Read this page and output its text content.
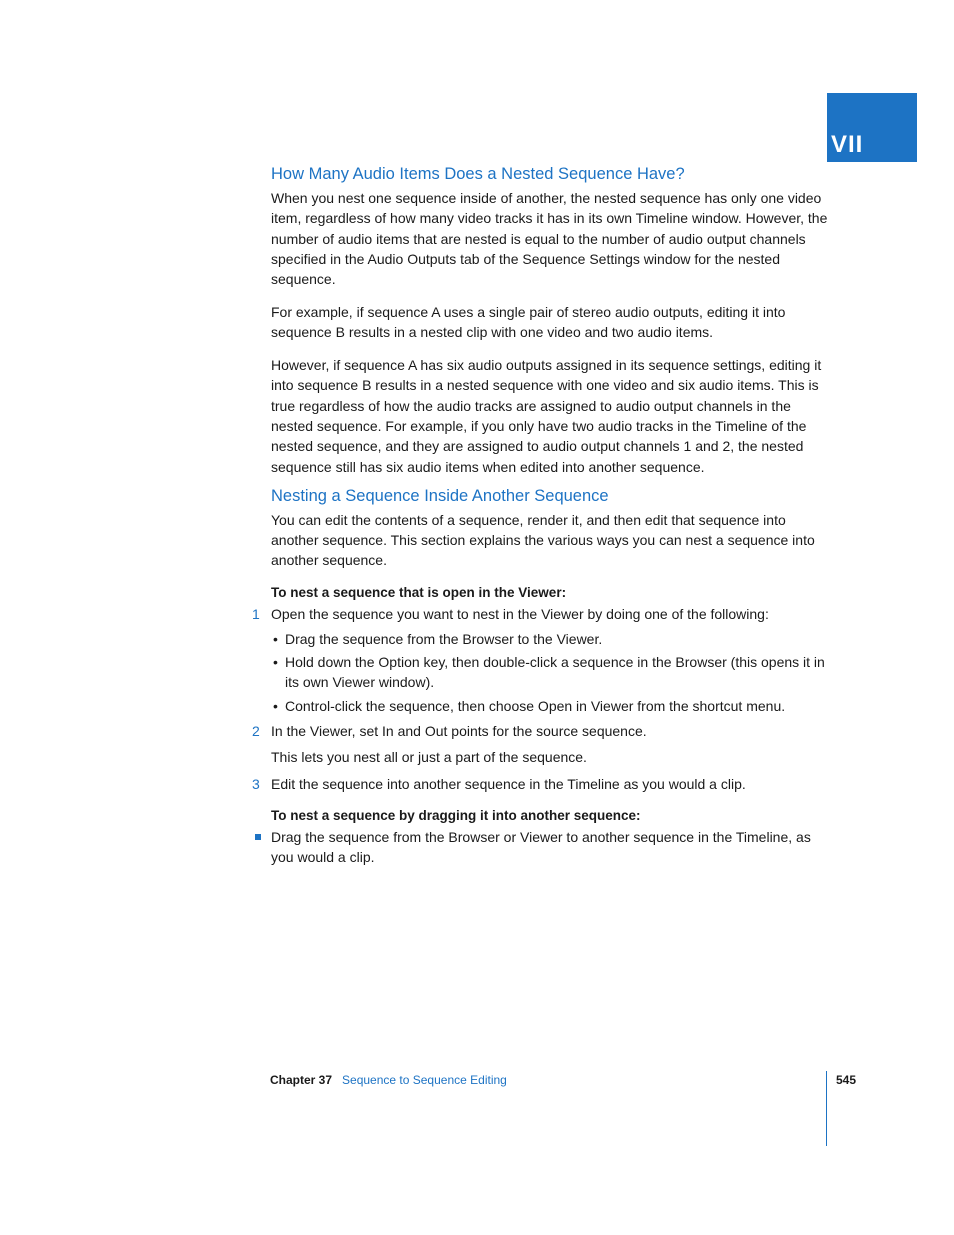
VII
How Many Audio Items Does a Nested Sequence Have?

When you nest one sequence inside of another, the nested sequence has only one video item, regardless of how many video tracks it has in its own Timeline window. However, the number of audio items that are nested is equal to the number of audio output channels specified in the Audio Outputs tab of the Sequence Settings window for the nested sequence.

For example, if sequence A uses a single pair of stereo audio outputs, editing it into sequence B results in a nested clip with one video and two audio items.

However, if sequence A has six audio outputs assigned in its sequence settings, editing it into sequence B results in a nested sequence with one video and six audio items. This is true regardless of how the audio tracks are assigned to audio output channels in the nested sequence. For example, if you only have two audio tracks in the Timeline of the nested sequence, and they are assigned to audio output channels 1 and 2, the nested sequence still has six audio items when edited into another sequence.

Nesting a Sequence Inside Another Sequence

You can edit the contents of a sequence, render it, and then edit that sequence into another sequence. This section explains the various ways you can nest a sequence into another sequence.

To nest a sequence that is open in the Viewer:
1 Open the sequence you want to nest in the Viewer by doing one of the following:
• Drag the sequence from the Browser to the Viewer.
• Hold down the Option key, then double-click a sequence in the Browser (this opens it in its own Viewer window).
• Control-click the sequence, then choose Open in Viewer from the shortcut menu.
2 In the Viewer, set In and Out points for the source sequence.

This lets you nest all or just a part of the sequence.

3 Edit the sequence into another sequence in the Timeline as you would a clip.
To nest a sequence by dragging it into another sequence:
Drag the sequence from the Browser or Viewer to another sequence in the Timeline, as you would a clip.
Chapter 37 Sequence to Sequence Editing	545
